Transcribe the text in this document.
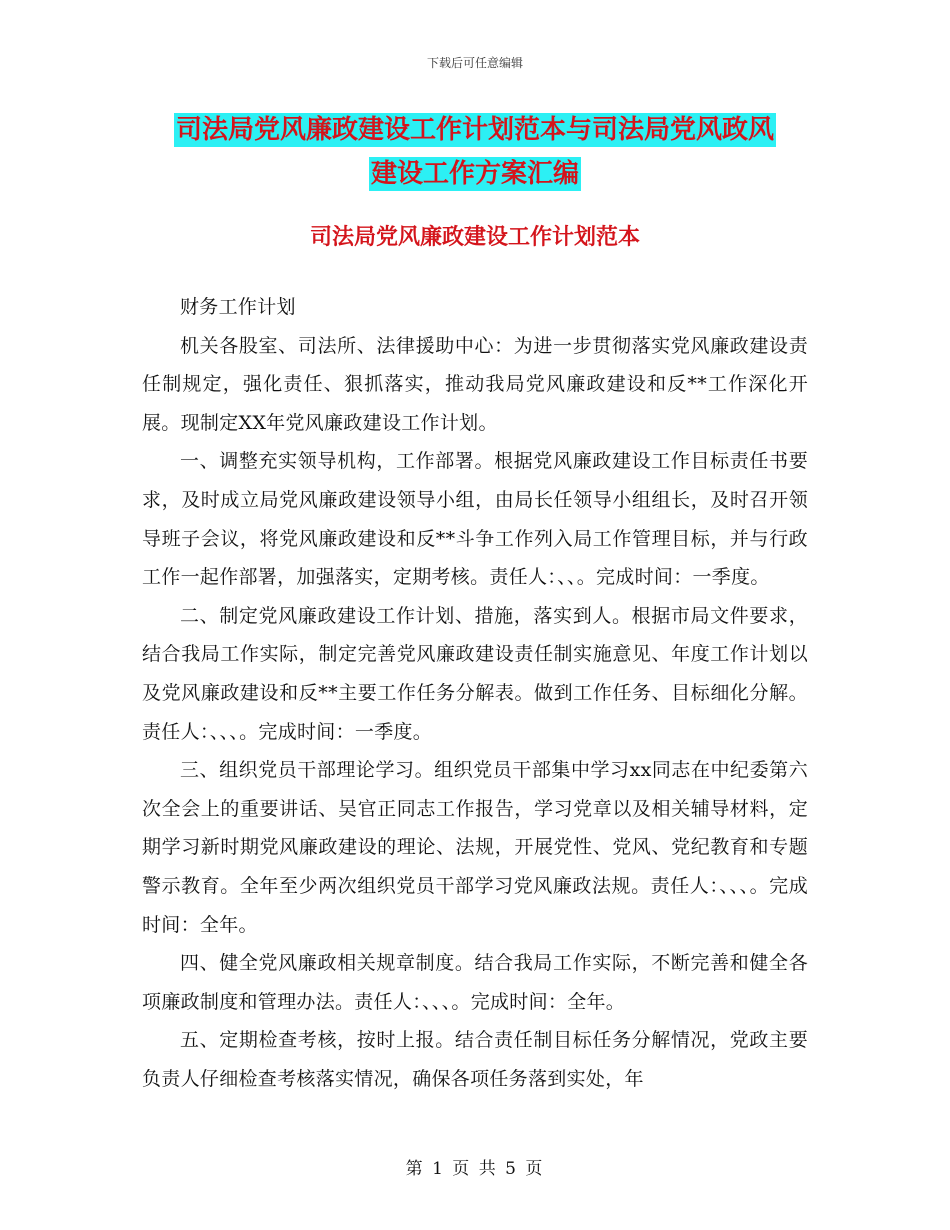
下载后可任意编辑
司法局党风廉政建设工作计划范本与司法局党风政风
建设工作方案汇编
司法局党风廉政建设工作计划范本

财务工作计划

机关各股室、司法所、法律援助中心：为进一步贯彻落实党风廉政建设责任制规定，强化责任、狠抓落实，推动我局党风廉政建设和反**工作深化开展。现制定XX年党风廉政建设工作计划。

一、调整充实领导机构，工作部署。根据党风廉政建设工作目标责任书要求，及时成立局党风廉政建设领导小组，由局长任领导小组组长，及时召开领导班子会议，将党风廉政建设和反**斗争工作列入局工作管理目标，并与行政工作一起作部署，加强落实，定期考核。责任人：、、。完成时间：一季度。

二、制定党风廉政建设工作计划、措施，落实到人。根据市局文件要求，结合我局工作实际，制定完善党风廉政建设责任制实施意见、年度工作计划以及党风廉政建设和反**主要工作任务分解表。做到工作任务、目标细化分解。责任人：、、、。完成时间：一季度。

三、组织党员干部理论学习。组织党员干部集中学习xx同志在中纪委第六次全会上的重要讲话、吴官正同志工作报告，学习党章以及相关辅导材料，定期学习新时期党风廉政建设的理论、法规，开展党性、党风、党纪教育和专题警示教育。全年至少两次组织党员干部学习党风廉政法规。责任人：、、、。完成时间：全年。

四、健全党风廉政相关规章制度。结合我局工作实际，不断完善和健全各项廉政制度和管理办法。责任人：、、、。完成时间：全年。

五、定期检查考核，按时上报。结合责任制目标任务分解情况，党政主要负责人仔细检查考核落实情况，确保各项任务落到实处，年

第 1 页 共 5 页
